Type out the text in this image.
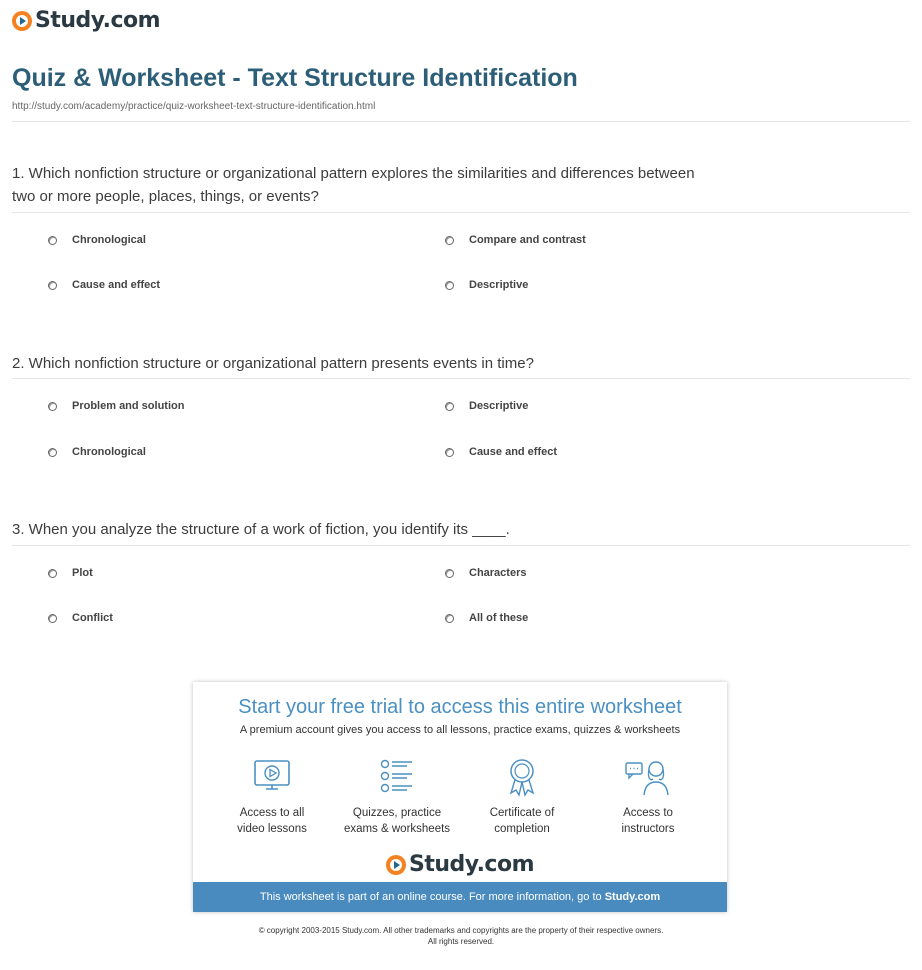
Study.com
Quiz & Worksheet - Text Structure Identification
http://study.com/academy/practice/quiz-worksheet-text-structure-identification.html
1. Which nonfiction structure or organizational pattern explores the similarities and differences between two or more people, places, things, or events?
Chronological	Compare and contrast
Cause and effect	Descriptive
2. Which nonfiction structure or organizational pattern presents events in time?
Problem and solution	Descriptive
Chronological	Cause and effect
3. When you analyze the structure of a work of fiction, you identify its ____.
Plot	Characters
Conflict	All of these
Start your free trial to access this entire worksheet
A premium account gives you access to all lessons, practice exams, quizzes & worksheets
Access to all
video lessons
Quizzes, practice
exams & worksheets
Certificate of
completion
Access to
instructors
Study.com
This worksheet is part of an online course. For more information, go to Study.com
© copyright 2003-2015 Study.com. All other trademarks and copyrights are the property of their respective owners.
All rights reserved.
